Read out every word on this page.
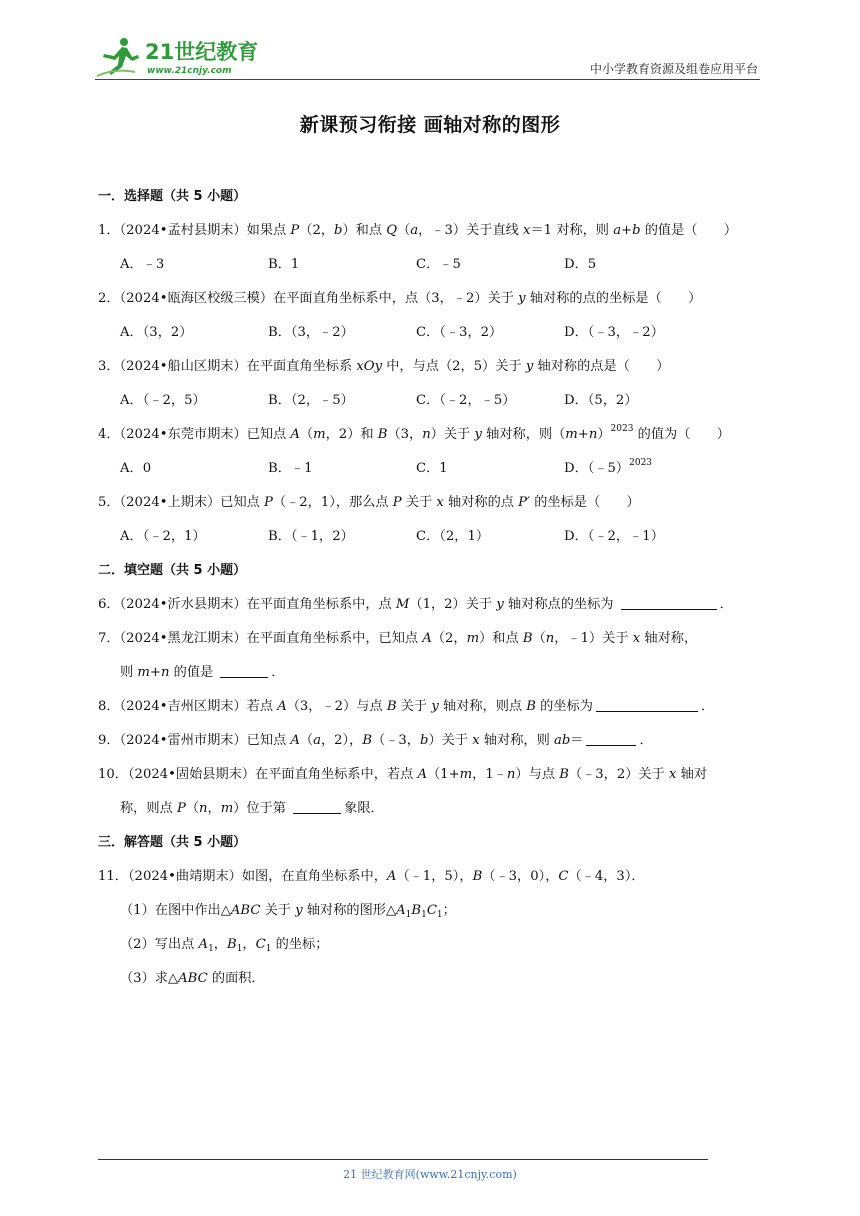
21世纪教育
www.21cnjy.com	中小学教育资源及组卷应用平台
新课预习衔接 画轴对称的图形
一．选择题（共 5 小题）
1．（2024•孟村县期末）如果点 P（2，b）和点 Q（a，﹣3）关于直线 x＝1 对称，则 a+b 的值是（　　）
A．﹣3	B．1	C．﹣5	D．5
2．（2024•瓯海区校级三模）在平面直角坐标系中，点（3，﹣2）关于 y 轴对称的点的坐标是（　　）
A．（3，2）	B．（3，﹣2）	C．（﹣3，2）	D．（﹣3，﹣2）
3．（2024•船山区期末）在平面直角坐标系 xOy 中，与点（2，5）关于 y 轴对称的点是（　　）
A．（﹣2，5）	B．（2，﹣5）	C．（﹣2，﹣5）	D．（5，2）
4．（2024•东莞市期末）已知点 A（m，2）和 B（3，n）关于 y 轴对称，则$(m+n)^{2023}$ 的值为（　　）
A．0	B．﹣1	C．1	D．（﹣5）$^{2023}$
5．（2024•上期末）已知点 P（﹣2，1），那么点 P 关于 x 轴对称的点 P′ 的坐标是（　　）
A．（﹣2，1）	B．（﹣1，2）	C．（2，1）	D．（﹣2，﹣1）
二．填空题（共 5 小题）
6．（2024•沂水县期末）在平面直角坐标系中，点 M（1，2）关于 y 轴对称点的坐标为	．
7．（2024•黑龙江期末）在平面直角坐标系中，已知点 A（2，m）和点 B（n，﹣1）关于 x 轴对称，
则 m+n 的值是	．
8．（2024•吉州区期末）若点 A（3，﹣2）与点 B 关于 y 轴对称，则点 B 的坐标为	．
9．（2024•雷州市期末）已知点 A（a，2），B（﹣3，b）关于 x 轴对称，则 ab＝	．
10．（2024•固始县期末）在平面直角坐标系中，若点 A（1+m，1﹣n）与点 B（﹣3，2）关于 x 轴对
称，则点 P（n，m）位于第	象限．
三．解答题（共 5 小题）
11．（2024•曲靖期末）如图，在直角坐标系中，A（﹣1，5），B（﹣3，0），C（﹣4，3）．
（1）在图中作出△ABC 关于 y 轴对称的图形$\triangle A_1B_1C_1$；
（2）写出点 $A_1$，$B_1$，$C_1$ 的坐标；
（3）求△ABC 的面积．
21 世纪教育网(www.21cnjy.com)
